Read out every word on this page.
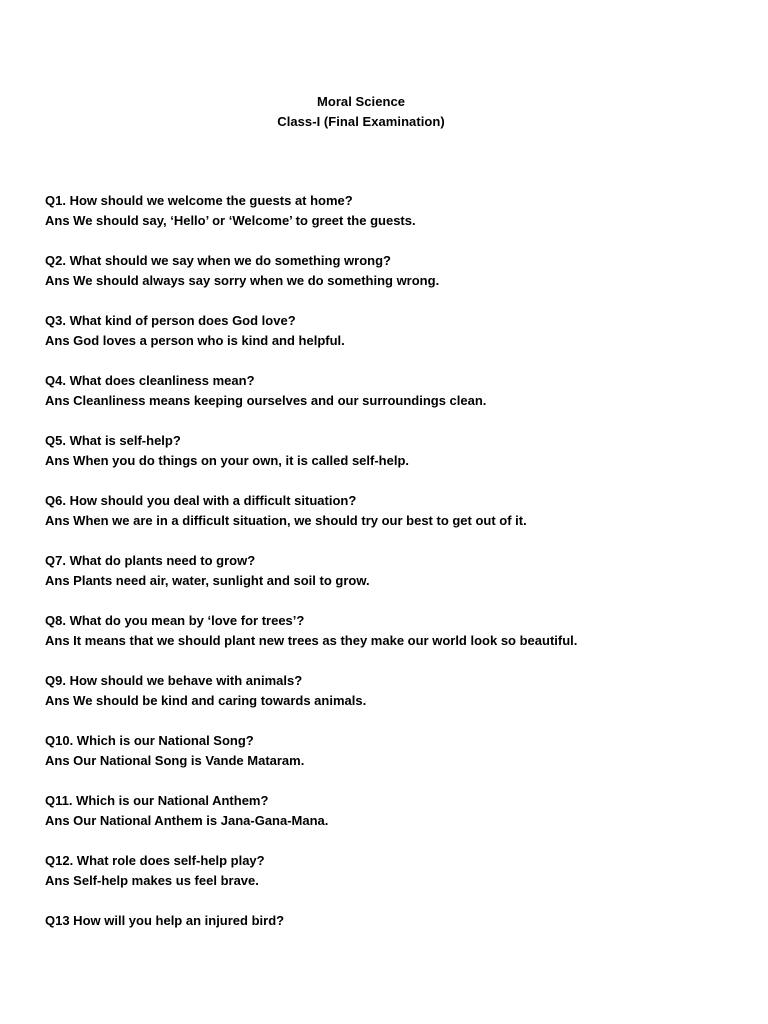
Moral Science
Class-I (Final Examination)
Q1. How should we welcome the guests at home?
Ans We should say, ‘Hello’ or ‘Welcome’ to greet the guests.
Q2. What should we say when we do something wrong?
Ans We should always say sorry when we do something wrong.
Q3. What kind of person does God love?
Ans God loves a person who is kind and helpful.
Q4. What does cleanliness mean?
Ans Cleanliness means keeping ourselves and our surroundings clean.
Q5. What is self-help?
Ans When you do things on your own, it is called self-help.
Q6. How should you deal with a difficult situation?
Ans When we are in a difficult situation, we should try our best to get out of it.
Q7. What do plants need to grow?
Ans Plants need air, water, sunlight and soil to grow.
Q8. What do you mean by ‘love for trees’?
Ans It means that we should plant new trees as they make our world look so beautiful.
Q9. How should we behave with animals?
Ans We should be kind and caring towards animals.
Q10. Which is our National Song?
Ans Our National Song is Vande Mataram.
Q11. Which is our National Anthem?
Ans Our National Anthem is Jana-Gana-Mana.
Q12. What role does self-help play?
Ans Self-help makes us feel brave.
Q13 How will you help an injured bird?
